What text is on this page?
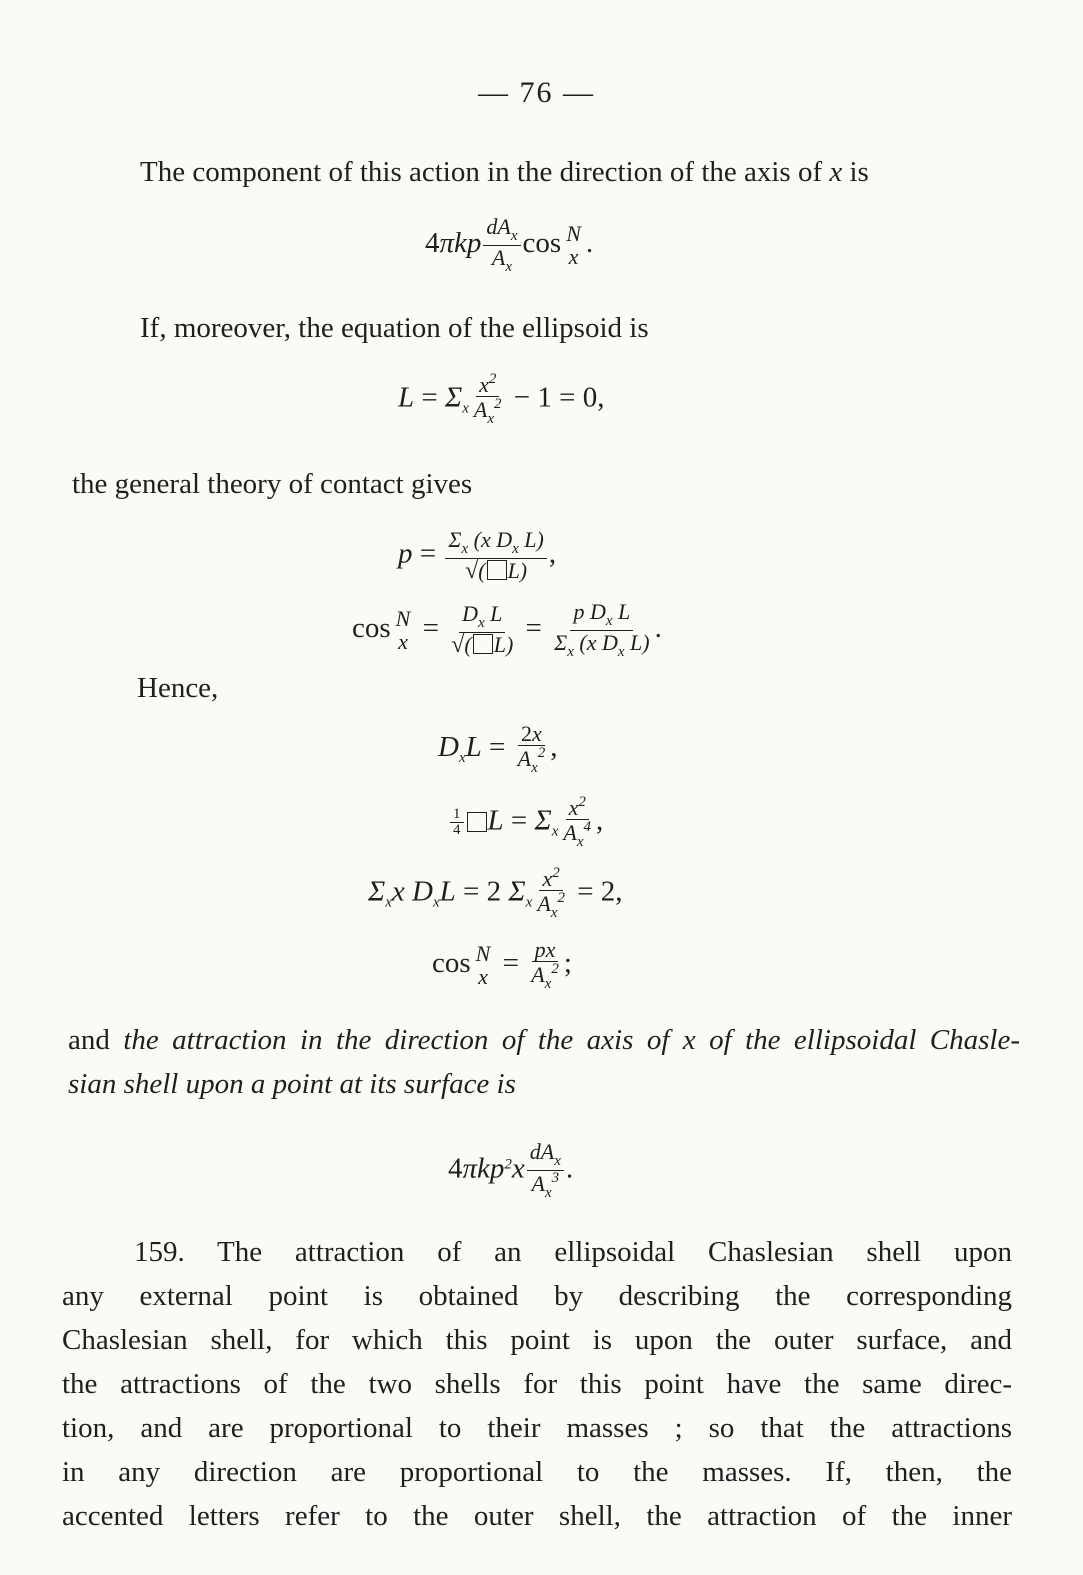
— 76 —
The component of this action in the direction of the axis of x is
$4\pi kp \frac{dA_x}{A_x}$ cos N
x .
If, moreover, the equation of the ellipsoid is
$L = \Sigma_x \frac{x^2}{A_x^2} - 1 = 0$,
the general theory of contact gives
$p = \frac{\Sigma_x (x D_x L)}{√( L)}$ ,
cos N
$x = \frac{D_x L}{√( L)} = \frac{p D_x L}{\Sigma_x (x D_x L)}$ .
Hence,
$D_xL = \frac{2x}{A_x^2}$ ,
$\frac{1}{4}$ $L = \Sigma_x \frac{x^2}{A_x^4}$ ,
$\Sigma_xx$ $D_xL = 2$ $\Sigma_x \frac{x^2}{A_x^2} = 2$,
cos N
$x = \frac{px}{A_x^2}$ ;
and the attraction in the direction of the axis of x of the ellipsoidal Chasle-
sian shell upon a point at its surface is
$4\pi kp^2x \frac{dA_x}{A_x^3}$ .
159. The attraction of an ellipsoidal Chaslesian shell upon
any external point is obtained by describing the corresponding
Chaslesian shell, for which this point is upon the outer surface, and
the attractions of the two shells for this point have the same direc-
tion, and are proportional to their masses ; so that the attractions
in any direction are proportional to the masses. If, then, the
accented letters refer to the outer shell, the attraction of the inner
